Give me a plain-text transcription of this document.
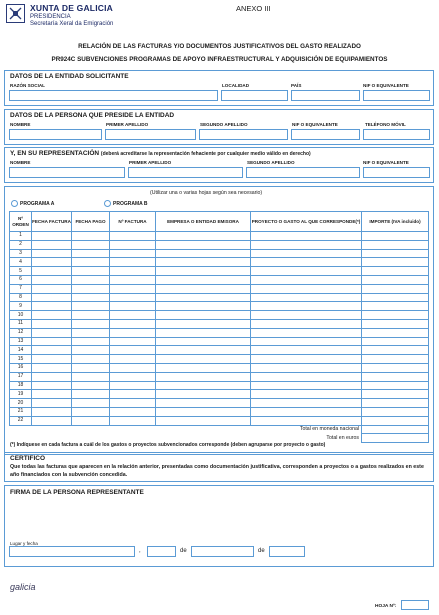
XUNTA DE GALICIA
PRESIDENCIA
Secretaría Xeral da Emigración
ANEXO III
RELACIÓN DE LAS FACTURAS Y/O DOCUMENTOS JUSTIFICATIVOS DEL GASTO REALIZADO
PR924C SUBVENCIONES PROGRAMAS DE APOYO INFRAESTRUCTURAL Y ADQUISICIÓN DE EQUIPAMIENTOS
DATOS DE LA ENTIDAD SOLICITANTE
RAZÓN SOCIAL	LOCALIDAD	PAÍS	NIF O EQUIVALENTE
DATOS DE LA PERSONA QUE PRESIDE LA ENTIDAD
NOMBRE	PRIMER APELLIDO	SEGUNDO APELLIDO	NIF O EQUIVALENTE	TELÉFONO MÓVIL
Y, EN SU REPRESENTACIÓN (deberá acreditarse la representación fehaciente por cualquier medio válido en derecho)
NOMBRE	PRIMER APELLIDO	SEGUNDO APELLIDO	NIF O EQUIVALENTE
(Utilizar una o varias hojas según sea necesario)
PROGRAMA A	PROGRAMA B
Nº ORDEN	FECHA FACTURA	FECHA PAGO	Nº FACTURA	EMPRESA O ENTIDAD EMISORA	PROYECTO O GASTO AL QUE CORRESPONDE(*)	IMPORTE (IVA incluido)
1						
2						
3						
4						
5						
6						
7						
8						
9						
10						
11						
12						
13						
14						
15						
16						
17						
18						
19						
20						
21						
22						
Total en moneda nacional						
Total en euros						
(*) Indíquese en cada factura a cuál de los gastos o proyectos subvencionados corresponde (deben agruparse por proyecto o gasto)
CERTIFICO
Que todas las facturas que aparecen en la relación anterior, presentadas como documentación justificativa, corresponden a proyectos o a gastos realizados en este año financiados con la subvención concedida.
FIRMA DE LA PERSONA REPRESENTANTE
Lugar y fecha
,	de	de
galicia
HOJA Nº:
